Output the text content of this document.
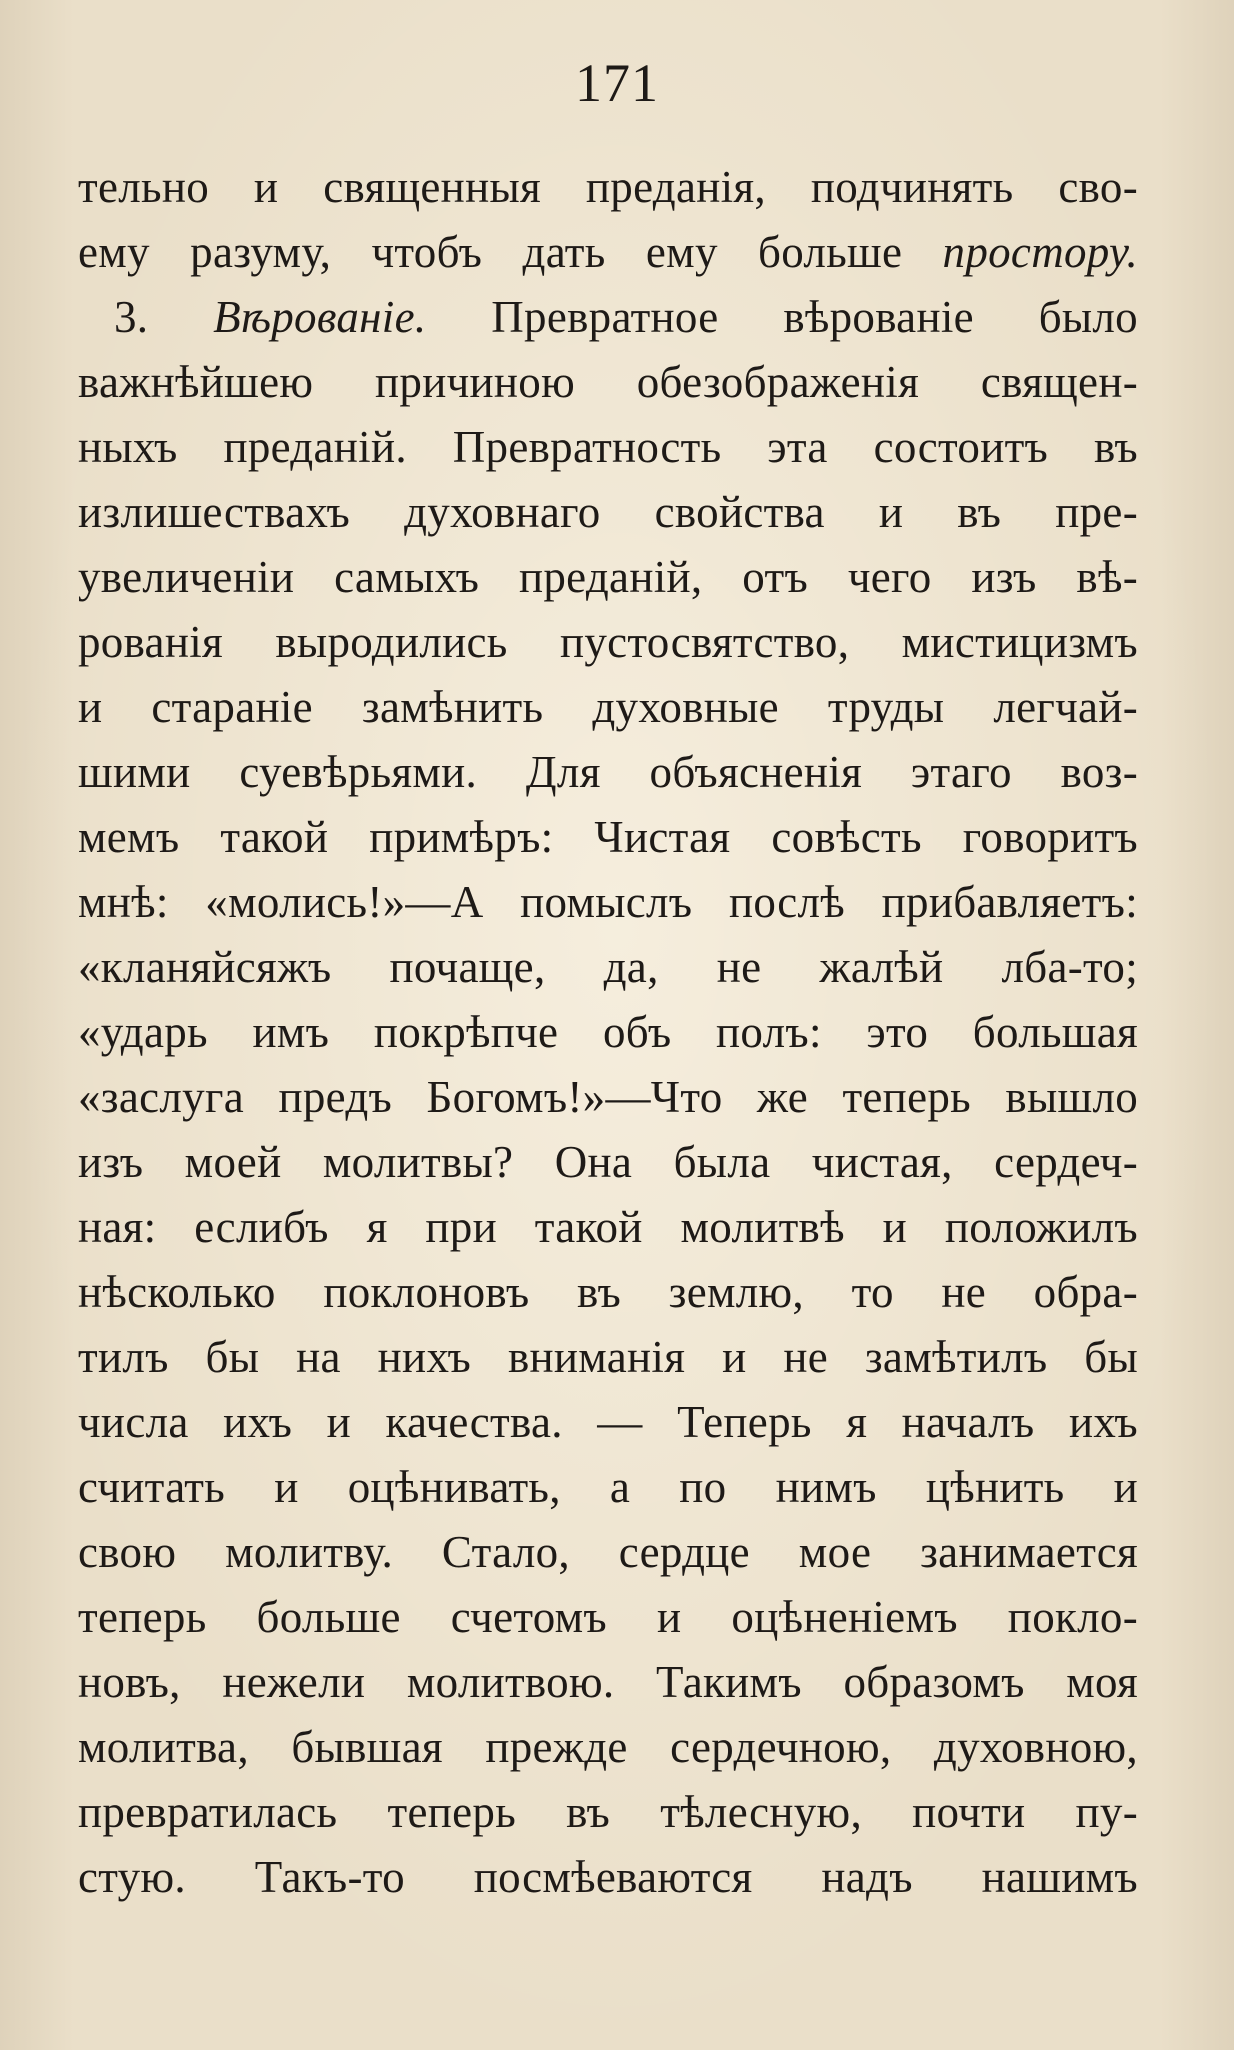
171
тельно и священныя преданія, подчинять сво-
ему разуму, чтобъ дать ему больше простору.
3. Вѣрованіе. Превратное вѣрованіе было
важнѣйшею причиною обезображенія священ-
ныхъ преданій. Превратность эта состоитъ въ
излишествахъ духовнаго свойства и въ пре-
увеличеніи самыхъ преданій, отъ чего изъ вѣ-
рованія выродились пустосвятство, мистицизмъ
и стараніе замѣнить духовные труды легчай-
шими суевѣрьями. Для объясненія этаго воз-
мемъ такой примѣръ: Чистая совѣсть говоритъ
мнѣ: «молись!»—А помыслъ послѣ прибавляетъ:
«кланяйсяжъ почаще, да, не жалѣй лба-то;
«ударь имъ покрѣпче объ полъ: это большая
«заслуга предъ Богомъ!»—Что же теперь вышло
изъ моей молитвы? Она была чистая, сердеч-
ная: еслибъ я при такой молитвѣ и положилъ
нѣсколько поклоновъ въ землю, то не обра-
тилъ бы на нихъ вниманія и не замѣтилъ бы
числа ихъ и качества. — Теперь я началъ ихъ
считать и оцѣнивать, а по нимъ цѣнить и
свою молитву. Стало, сердце мое занимается
теперь больше счетомъ и оцѣненіемъ покло-
новъ, нежели молитвою. Такимъ образомъ моя
молитва, бывшая прежде сердечною, духовною,
превратилась теперь въ тѣлесную, почти пу-
стую. Такъ-то посмѣеваются надъ нашимъ
